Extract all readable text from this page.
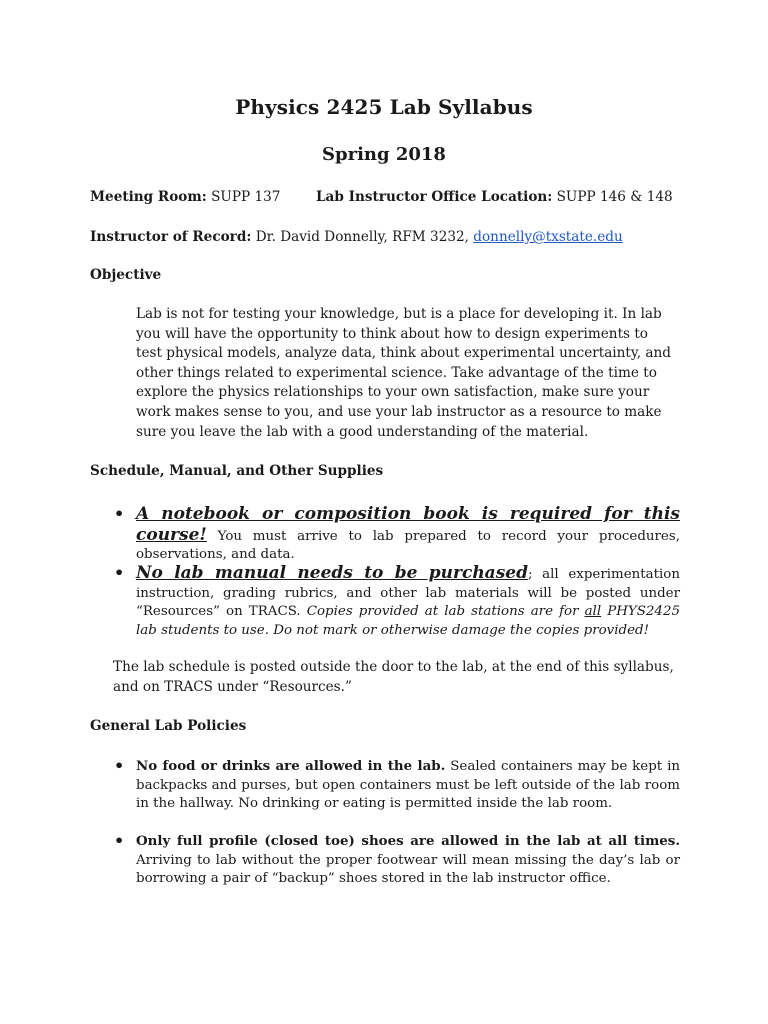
Physics 2425 Lab Syllabus
Spring 2018
Meeting Room: SUPP 137	Lab Instructor Office Location: SUPP 146 & 148
Instructor of Record: Dr. David Donnelly, RFM 3232, donnelly@txstate.edu
Objective
Lab is not for testing your knowledge, but is a place for developing it. In lab you will have the opportunity to think about how to design experiments to test physical models, analyze data, think about experimental uncertainty, and other things related to experimental science. Take advantage of the time to explore the physics relationships to your own satisfaction, make sure your work makes sense to you, and use your lab instructor as a resource to make sure you leave the lab with a good understanding of the material.
Schedule, Manual, and Other Supplies
• A notebook or composition book is required for this course! You must arrive to lab prepared to record your procedures, observations, and data.
• No lab manual needs to be purchased; all experimentation instruction, grading rubrics, and other lab materials will be posted under “Resources” on TRACS. Copies provided at lab stations are for all PHYS2425 lab students to use. Do not mark or otherwise damage the copies provided!
The lab schedule is posted outside the door to the lab, at the end of this syllabus, and on TRACS under “Resources.”
General Lab Policies
• No food or drinks are allowed in the lab. Sealed containers may be kept in backpacks and purses, but open containers must be left outside of the lab room in the hallway. No drinking or eating is permitted inside the lab room.
• Only full profile (closed toe) shoes are allowed in the lab at all times. Arriving to lab without the proper footwear will mean missing the day’s lab or borrowing a pair of “backup” shoes stored in the lab instructor office.
